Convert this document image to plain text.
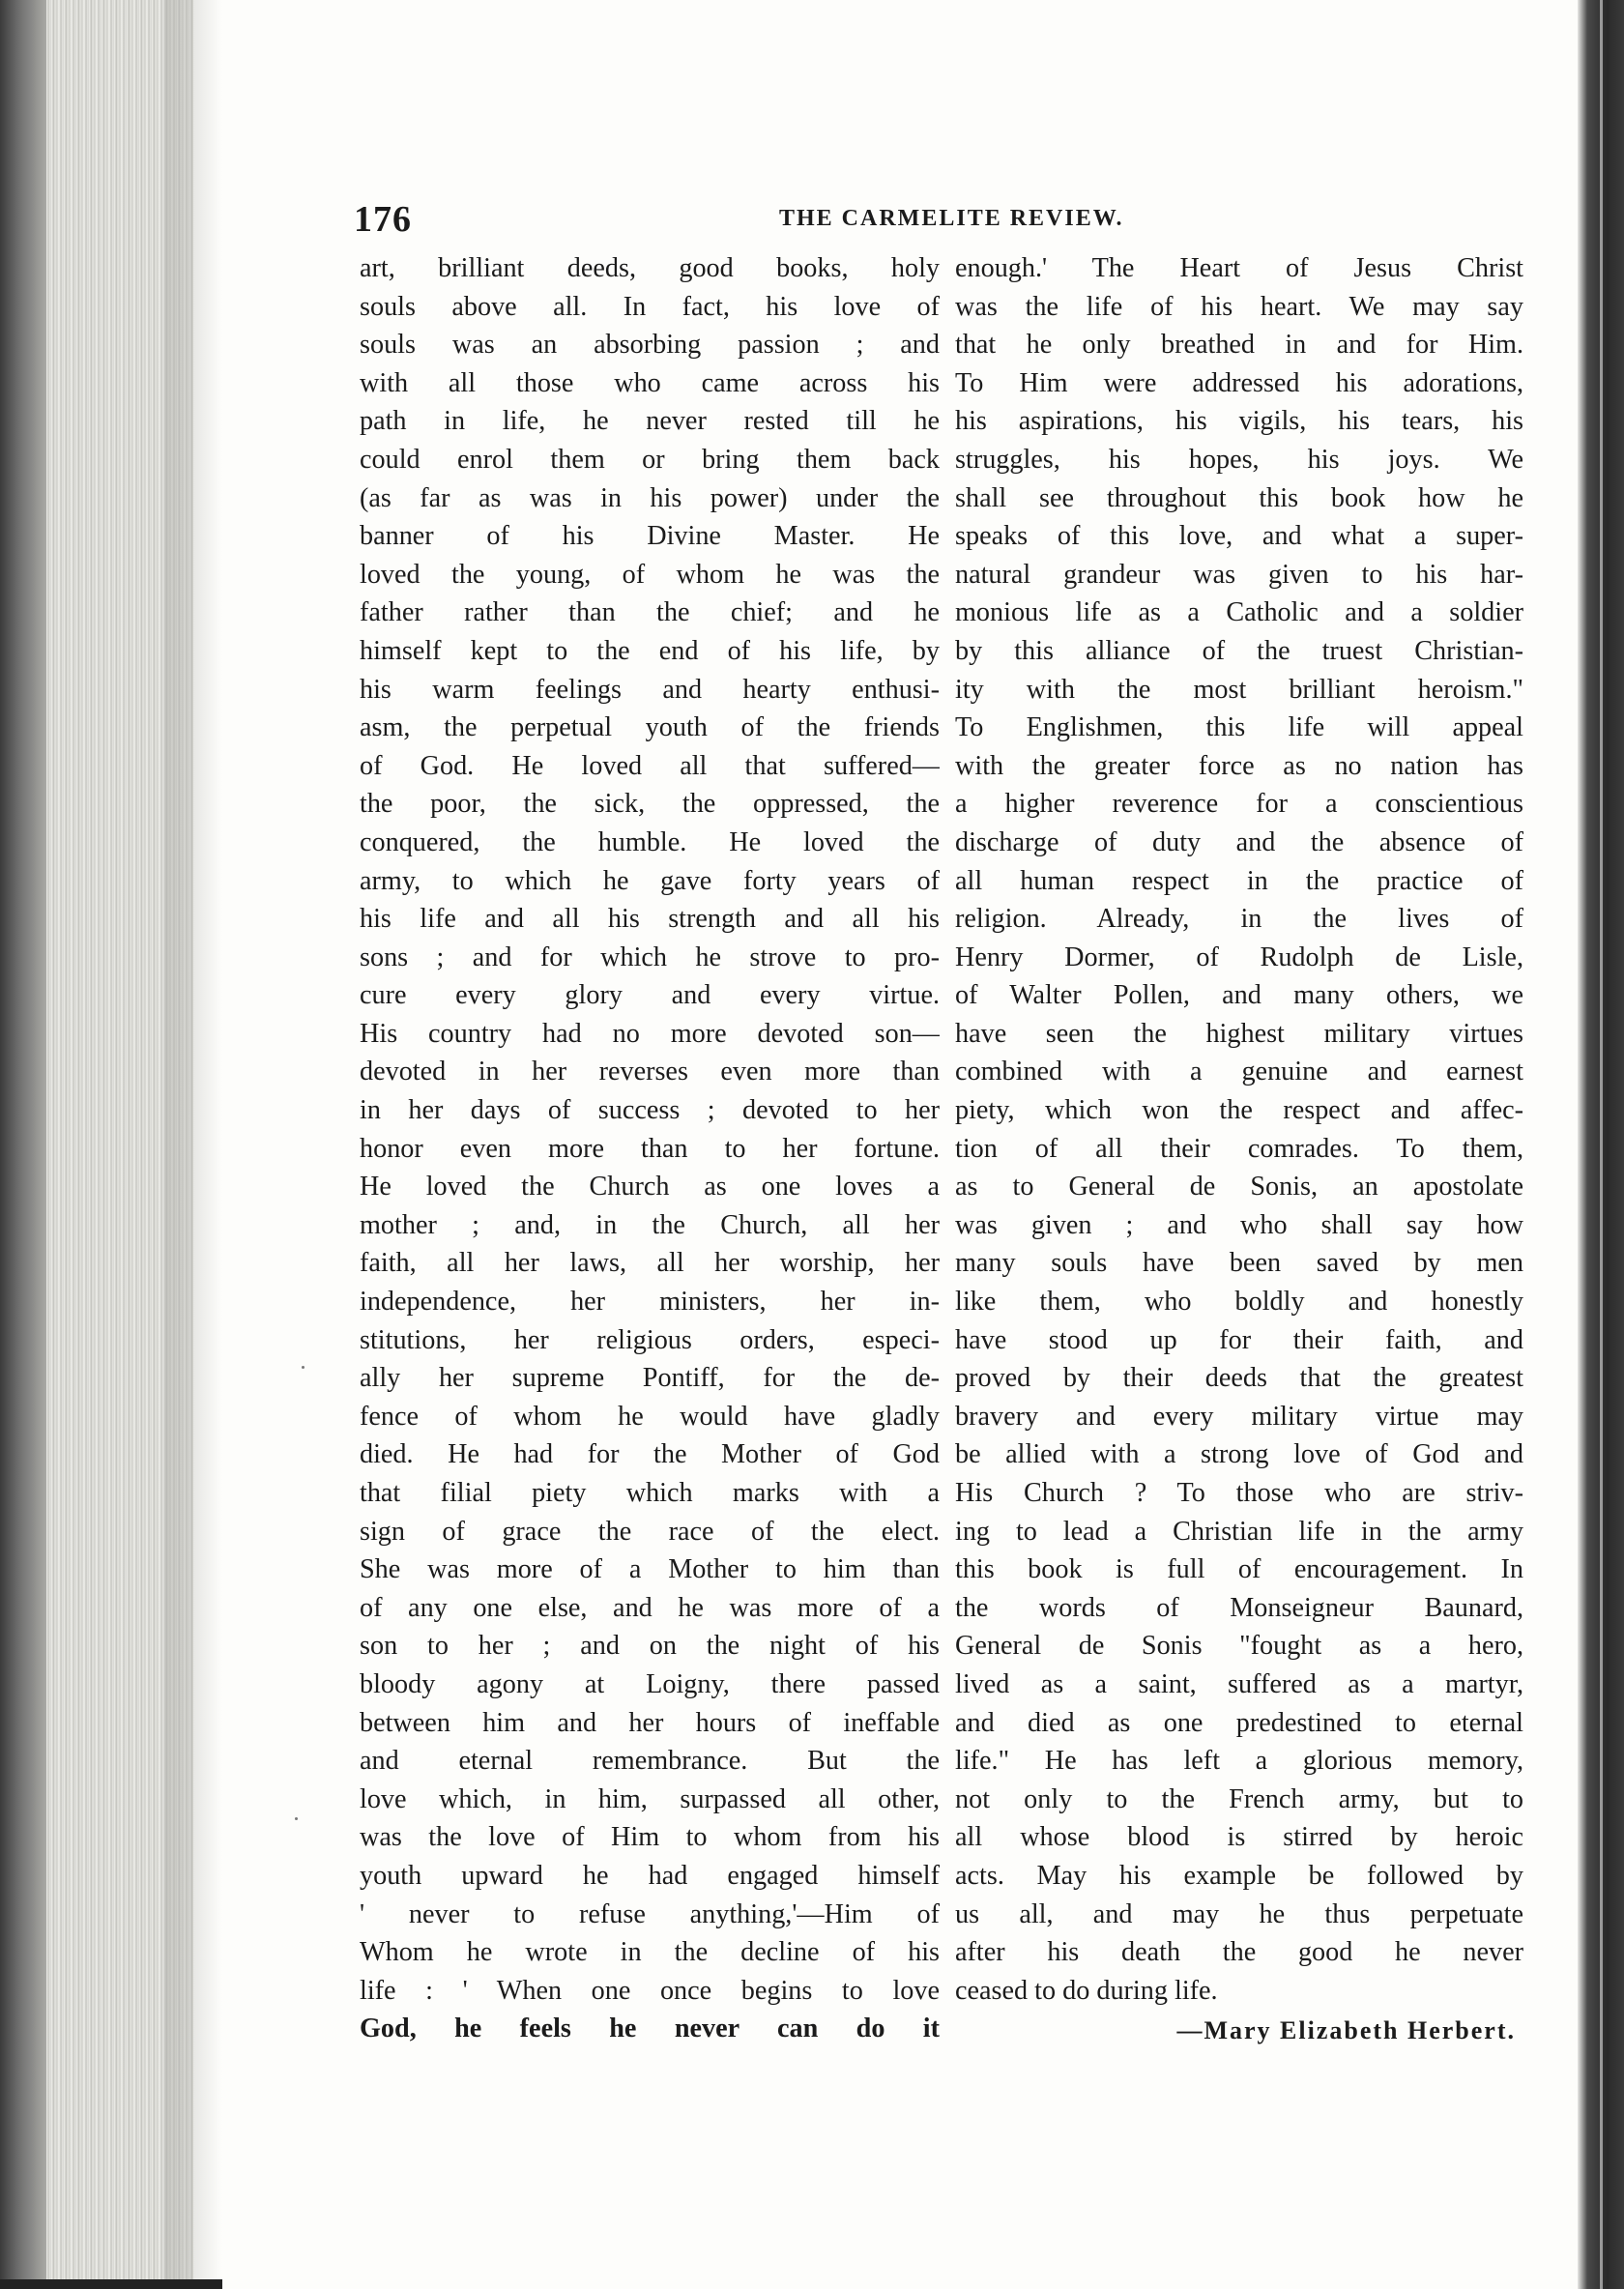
176	THE CARMELITE REVIEW.
art, brilliant deeds, good books, holy
souls above all. In fact, his love of
souls was an absorbing passion ; and
with all those who came across his
path in life, he never rested till he
could enrol them or bring them back
(as far as was in his power) under the
banner of his Divine Master. He
loved the young, of whom he was the
father rather than the chief; and he
himself kept to the end of his life, by
his warm feelings and hearty enthusi-
asm, the perpetual youth of the friends
of God. He loved all that suffered—
the poor, the sick, the oppressed, the
conquered, the humble. He loved the
army, to which he gave forty years of
his life and all his strength and all his
sons ; and for which he strove to pro-
cure every glory and every virtue.
His country had no more devoted son—
devoted in her reverses even more than
in her days of success ; devoted to her
honor even more than to her fortune.
He loved the Church as one loves a
mother ; and, in the Church, all her
faith, all her laws, all her worship, her
independence, her ministers, her in-
stitutions, her religious orders, especi-
ally her supreme Pontiff, for the de-
fence of whom he would have gladly
died. He had for the Mother of God
that filial piety which marks with a
sign of grace the race of the elect.
She was more of a Mother to him than
of any one else, and he was more of a
son to her ; and on the night of his
bloody agony at Loigny, there passed
between him and her hours of ineffable
and eternal remembrance. But the
love which, in him, surpassed all other,
was the love of Him to whom from his
youth upward he had engaged himself
' never to refuse anything,'—Him of
Whom he wrote in the decline of his
life : ' When one once begins to love
God, he feels he never can do it
enough.' The Heart of Jesus Christ
was the life of his heart. We may say
that he only breathed in and for Him.
To Him were addressed his adorations,
his aspirations, his vigils, his tears, his
struggles, his hopes, his joys. We
shall see throughout this book how he
speaks of this love, and what a super-
natural grandeur was given to his har-
monious life as a Catholic and a soldier
by this alliance of the truest Christian-
ity with the most brilliant heroism."
To Englishmen, this life will appeal
with the greater force as no nation has
a higher reverence for a conscientious
discharge of duty and the absence of
all human respect in the practice of
religion. Already, in the lives of
Henry Dormer, of Rudolph de Lisle,
of Walter Pollen, and many others, we
have seen the highest military virtues
combined with a genuine and earnest
piety, which won the respect and affec-
tion of all their comrades. To them,
as to General de Sonis, an apostolate
was given ; and who shall say how
many souls have been saved by men
like them, who boldly and honestly
have stood up for their faith, and
proved by their deeds that the greatest
bravery and every military virtue may
be allied with a strong love of God and
His Church ? To those who are striv-
ing to lead a Christian life in the army
this book is full of encouragement. In
the words of Monseigneur Baunard,
General de Sonis "fought as a hero,
lived as a saint, suffered as a martyr,
and died as one predestined to eternal
life." He has left a glorious memory,
not only to the French army, but to
all whose blood is stirred by heroic
acts. May his example be followed by
us all, and may he thus perpetuate
after his death the good he never
ceased to do during life.
—Mary Elizabeth Herbert.
